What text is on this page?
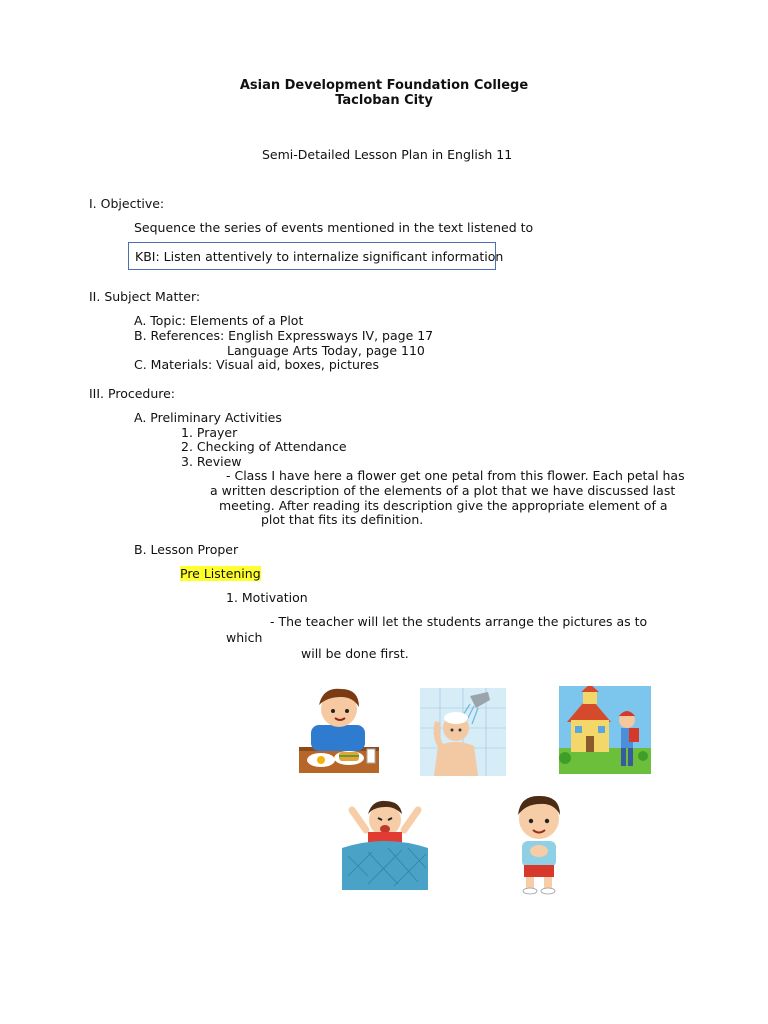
Asian Development Foundation College
Tacloban City
Semi-Detailed Lesson Plan in English 11
I. Objective:
Sequence the series of events mentioned in the text listened to
KBI: Listen attentively to internalize significant information
II. Subject Matter:
A. Topic: Elements of a Plot
B. References: English Expressways IV, page 17
Language Arts Today, page 110
C. Materials: Visual aid, boxes, pictures
III. Procedure:
A. Preliminary Activities
1. Prayer
2. Checking of Attendance
3. Review
- Class I have here a flower get one petal from this flower. Each petal has
a written description of the elements of a plot that we have discussed last
meeting. After reading its description give the appropriate element of a
plot that fits its definition.
B. Lesson Proper
Pre Listening
1. Motivation
- The teacher will let the students arrange the pictures as to
which
will be done first.
